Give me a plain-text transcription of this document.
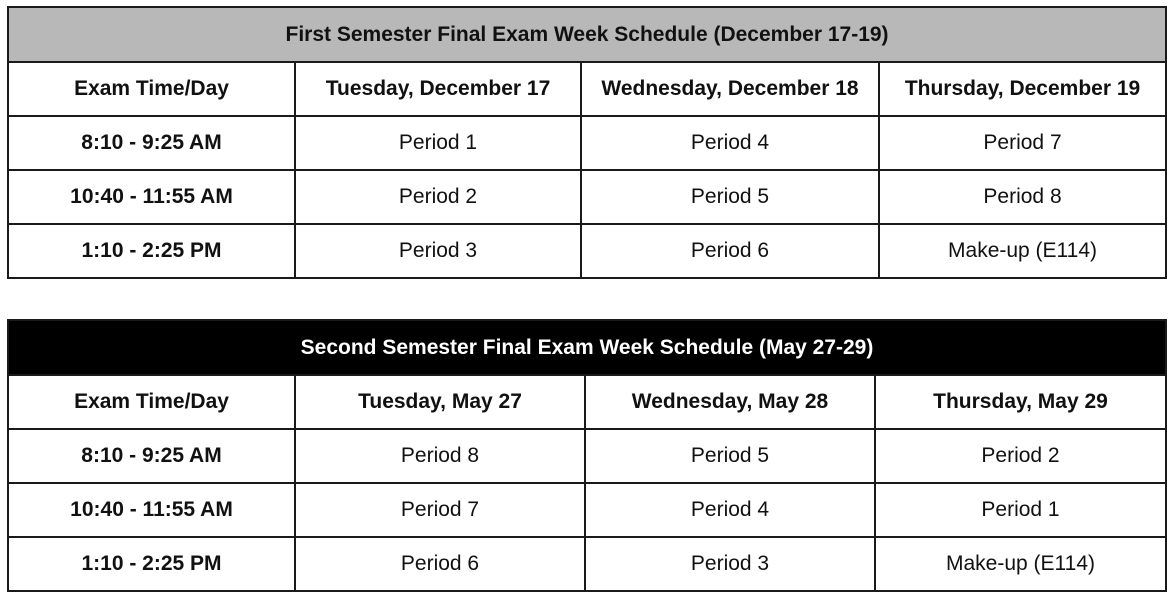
First Semester Final Exam Week Schedule (December 17-19)			
Exam Time/Day	Tuesday, December 17	Wednesday, December 18	Thursday, December 19
8:10 - 9:25 AM	Period 1	Period 4	Period 7
10:40 - 11:55 AM	Period 2	Period 5	Period 8
1:10 - 2:25 PM	Period 3	Period 6	Make-up (E114)
Second Semester Final Exam Week Schedule (May 27-29)			
Exam Time/Day	Tuesday, May 27	Wednesday, May 28	Thursday, May 29
8:10 - 9:25 AM	Period 8	Period 5	Period 2
10:40 - 11:55 AM	Period 7	Period 4	Period 1
1:10 - 2:25 PM	Period 6	Period 3	Make-up (E114)
